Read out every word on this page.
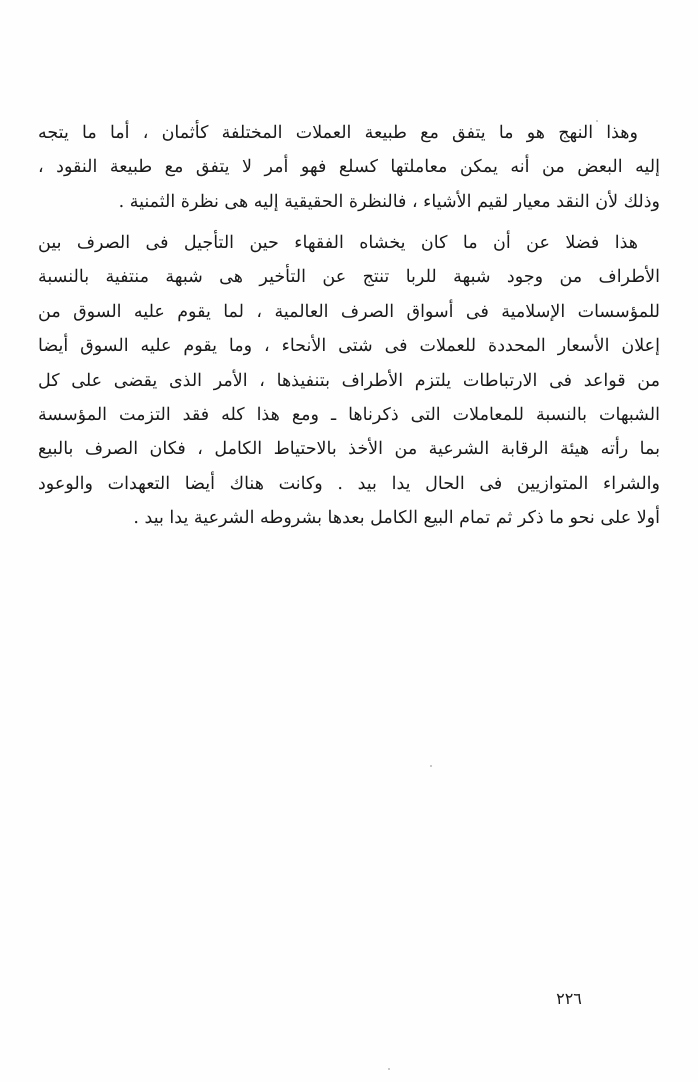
وهذا النهج هو ما يتفق مع طبيعة العملات المختلفة كأثمان ، أما ما يتجه
إليه البعض من أنه يمكن معاملتها كسلع فهو أمر لا يتفق مع طبيعة النقود ،
وذلك لأن النقد معيار لقيم الأشياء ، فالنظرة الحقيقية إليه هى نظرة الثمنية .
هذا فضلا عن أن ما كان يخشاه الفقهاء حين التأجيل فى الصرف بين
الأطراف من وجود شبهة للربا تنتج عن التأخير هى شبهة منتفية بالنسبة
للمؤسسات الإسلامية فى أسواق الصرف العالمية ، لما يقوم عليه السوق من
إعلان الأسعار المحددة للعملات فى شتى الأنحاء ، وما يقوم عليه السوق أيضا
من قواعد فى الارتباطات يلتزم الأطراف بتنفيذها ، الأمر الذى يقضى على كل
الشبهات بالنسبة للمعاملات التى ذكرناها ـ ومع هذا كله فقد التزمت المؤسسة
بما رأته هيئة الرقابة الشرعية من الأخذ بالاحتياط الكامل ، فكان الصرف بالبيع
والشراء المتوازيين فى الحال يدا بيد . وكانت هناك أيضا التعهدات والوعود
أولا على نحو ما ذكر ثم تمام البيع الكامل بعدها بشروطه الشرعية يدا بيد .
٢٢٦
